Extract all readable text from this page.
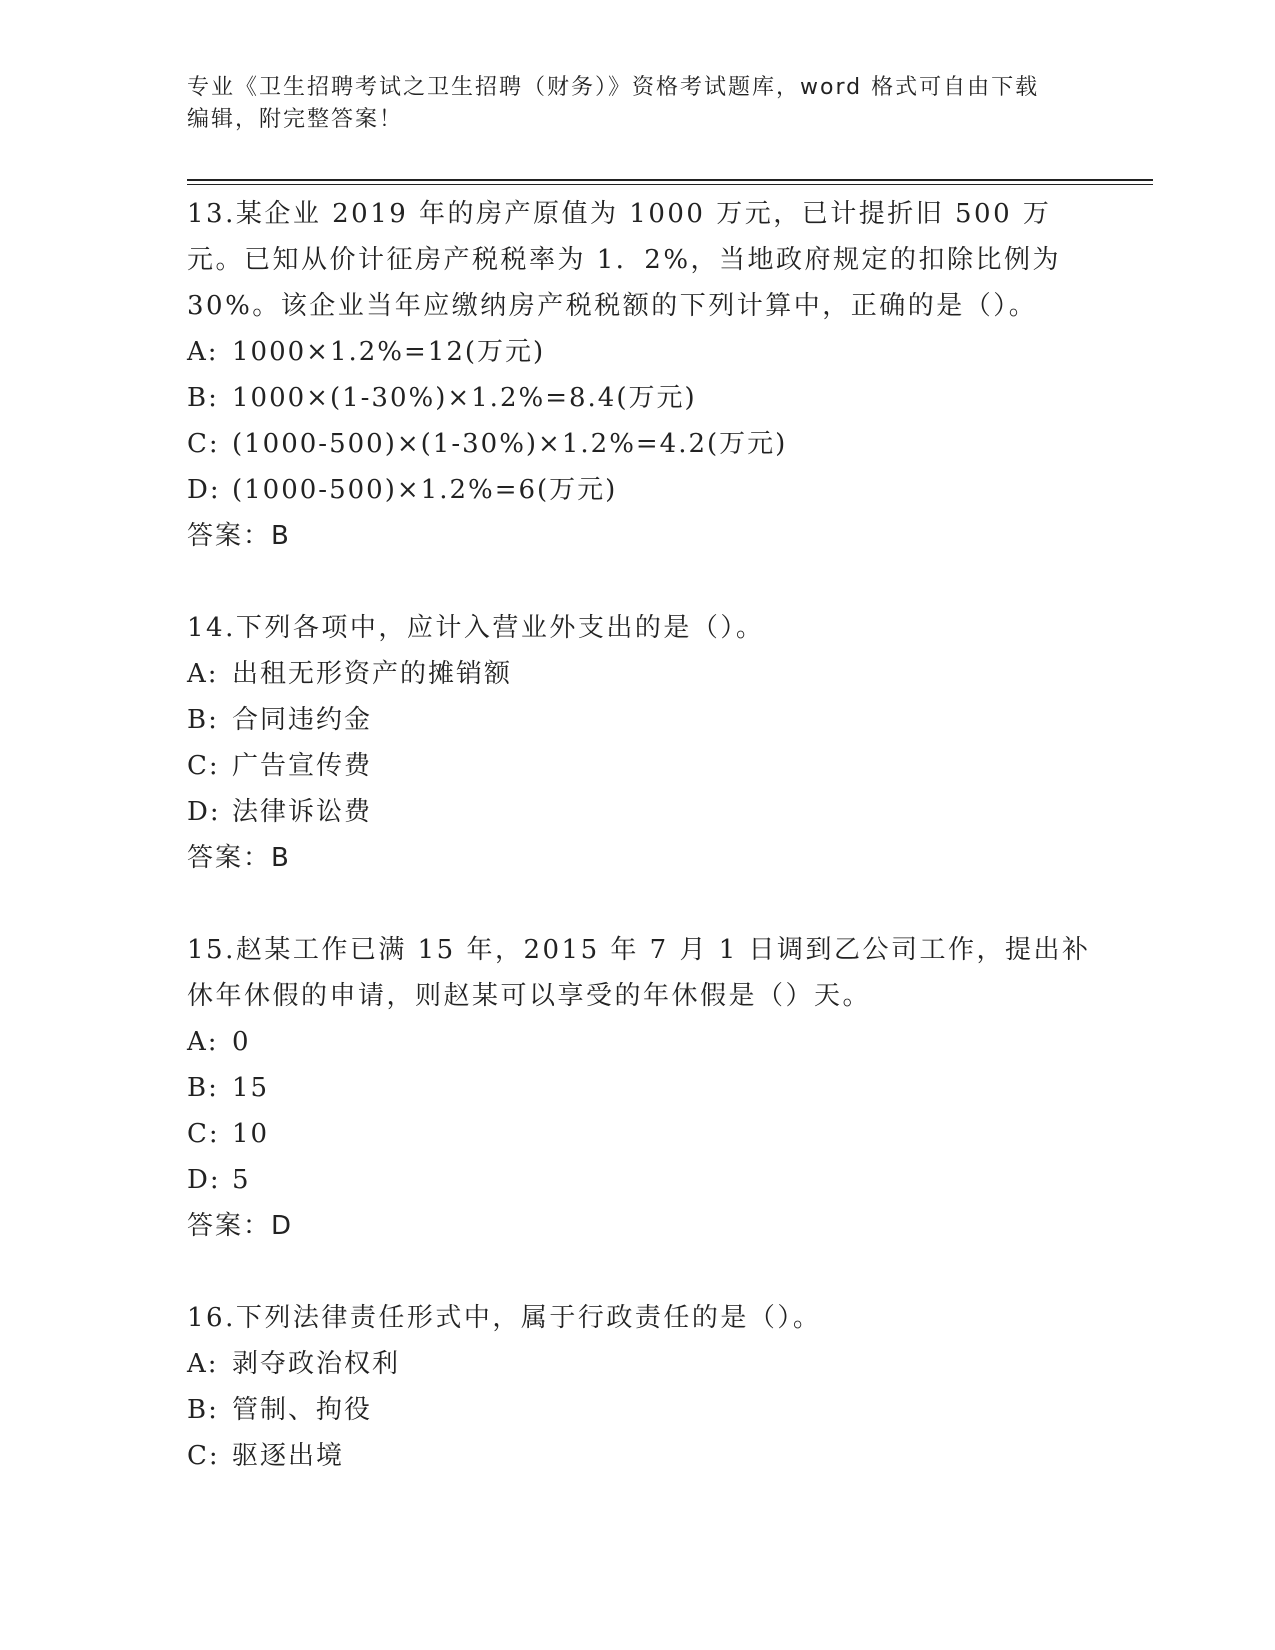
专业《卫生招聘考试之卫生招聘（财务）》资格考试题库，word 格式可自由下载
编辑，附完整答案！

13.某企业 2019 年的房产原值为 1000 万元，已计提折旧 500 万元。已知从价计征房产税税率为 1．2%，当地政府规定的扣除比例为 30%。该企业当年应缴纳房产税税额的下列计算中，正确的是（）。

A: 1000×1.2%=12(万元)

B: 1000×(1-30%)×1.2%=8.4(万元)

C: (1000-500)×(1-30%)×1.2%=4.2(万元)

D: (1000-500)×1.2%=6(万元)

答案：B

14.下列各项中，应计入营业外支出的是（）。

A: 出租无形资产的摊销额

B: 合同违约金

C: 广告宣传费

D: 法律诉讼费

答案：B

15.赵某工作已满 15 年，2015 年 7 月 1 日调到乙公司工作，提出补休年休假的申请，则赵某可以享受的年休假是（）天。

A: 0

B: 15

C: 10

D: 5

答案：D

16.下列法律责任形式中，属于行政责任的是（）。

A: 剥夺政治权利

B: 管制、拘役

C: 驱逐出境
